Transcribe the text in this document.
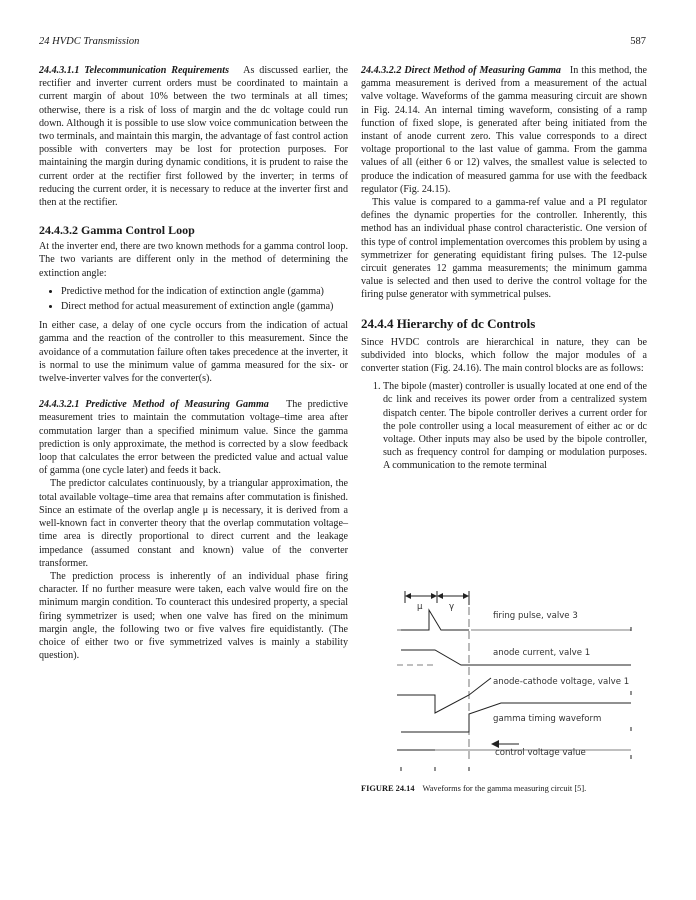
24 HVDC Transmission	587

24.4.3.1.1 Telecommunication Requirements As discussed earlier, the rectifier and inverter current orders must be coordinated to maintain a current margin of about 10% between the two terminals at all times; otherwise, there is a risk of loss of margin and the dc voltage could run down. Although it is possible to use slow voice communication between the two terminals, and maintain this margin, the advantage of fast control action possible with converters may be lost for protection purposes. For maintaining the margin during dynamic conditions, it is prudent to raise the current order at the rectifier first followed by the inverter; in terms of reducing the current order, it is necessary to reduce at the inverter first and then at the rectifier.

24.4.3.2 Gamma Control Loop

At the inverter end, there are two known methods for a gamma control loop. The two variants are different only in the method of determining the extinction angle:

• Predictive method for the indication of extinction angle (gamma)
• Direct method for actual measurement of extinction angle (gamma)

In either case, a delay of one cycle occurs from the indication of actual gamma and the reaction of the controller to this measurement. Since the avoidance of a commutation failure often takes precedence at the inverter, it is normal to use the minimum value of gamma measured for the six- or twelve-inverter valves for the converter(s).

24.4.3.2.1 Predictive Method of Measuring Gamma The predictive measurement tries to maintain the commutation voltage–time area after commutation larger than a specified minimum value. Since the gamma prediction is only approximate, the method is corrected by a slow feedback loop that calculates the error between the predicted value and actual value of gamma (one cycle later) and feeds it back.

The predictor calculates continuously, by a triangular approximation, the total available voltage–time area that remains after commutation is finished. Since an estimate of the overlap angle μ is necessary, it is derived from a well-known fact in converter theory that the overlap commutation voltage–time area is directly proportional to direct current and the leakage impedance (assumed constant and known) value of the converter transformer.

The prediction process is inherently of an individual phase firing character. If no further measure were taken, each valve would fire on the minimum margin condition. To counteract this undesired property, a special firing symmetrizer is used; when one valve has fired on the minimum margin angle, the following two or five valves fire equidistantly. (The choice of either two or five symmetrized valves is mainly a stability question).

24.4.3.2.2 Direct Method of Measuring Gamma In this method, the gamma measurement is derived from a measurement of the actual valve voltage. Waveforms of the gamma measuring circuit are shown in Fig. 24.14. An internal timing waveform, consisting of a ramp function of fixed slope, is generated after being initiated from the instant of anode current zero. This value corresponds to a direct voltage proportional to the last value of gamma. From the gamma values of all (either 6 or 12) valves, the smallest value is selected to produce the indication of measured gamma for use with the feedback regulator (Fig. 24.15).

This value is compared to a gamma-ref value and a PI regulator defines the dynamic properties for the controller. Inherently, this method has an individual phase control characteristic. One version of this type of control implementation overcomes this problem by using a symmetrizer for generating equidistant firing pulses. The 12-pulse circuit generates 12 gamma measurements; the minimum gamma value is selected and then used to derive the control voltage for the firing pulse generator with symmetrical pulses.

24.4.4 Hierarchy of dc Controls

Since HVDC controls are hierarchical in nature, they can be subdivided into blocks, which follow the major modules of a converter station (Fig. 24.16). The main control blocks are as follows:

1. The bipole (master) controller is usually located at one end of the dc link and receives its power order from a centralized system dispatch center. The bipole controller derives a current order for the pole controller using a local measurement of either ac or dc voltage. Other inputs may also be used by the bipole controller, such as frequency control for damping or modulation purposes. A communication to the remote terminal
μ	γ
firing pulse, valve 3
anode current, valve 1
anode-cathode voltage, valve 1
gamma timing waveform
control voltage value
FIGURE 24.14 Waveforms for the gamma measuring circuit [5].
